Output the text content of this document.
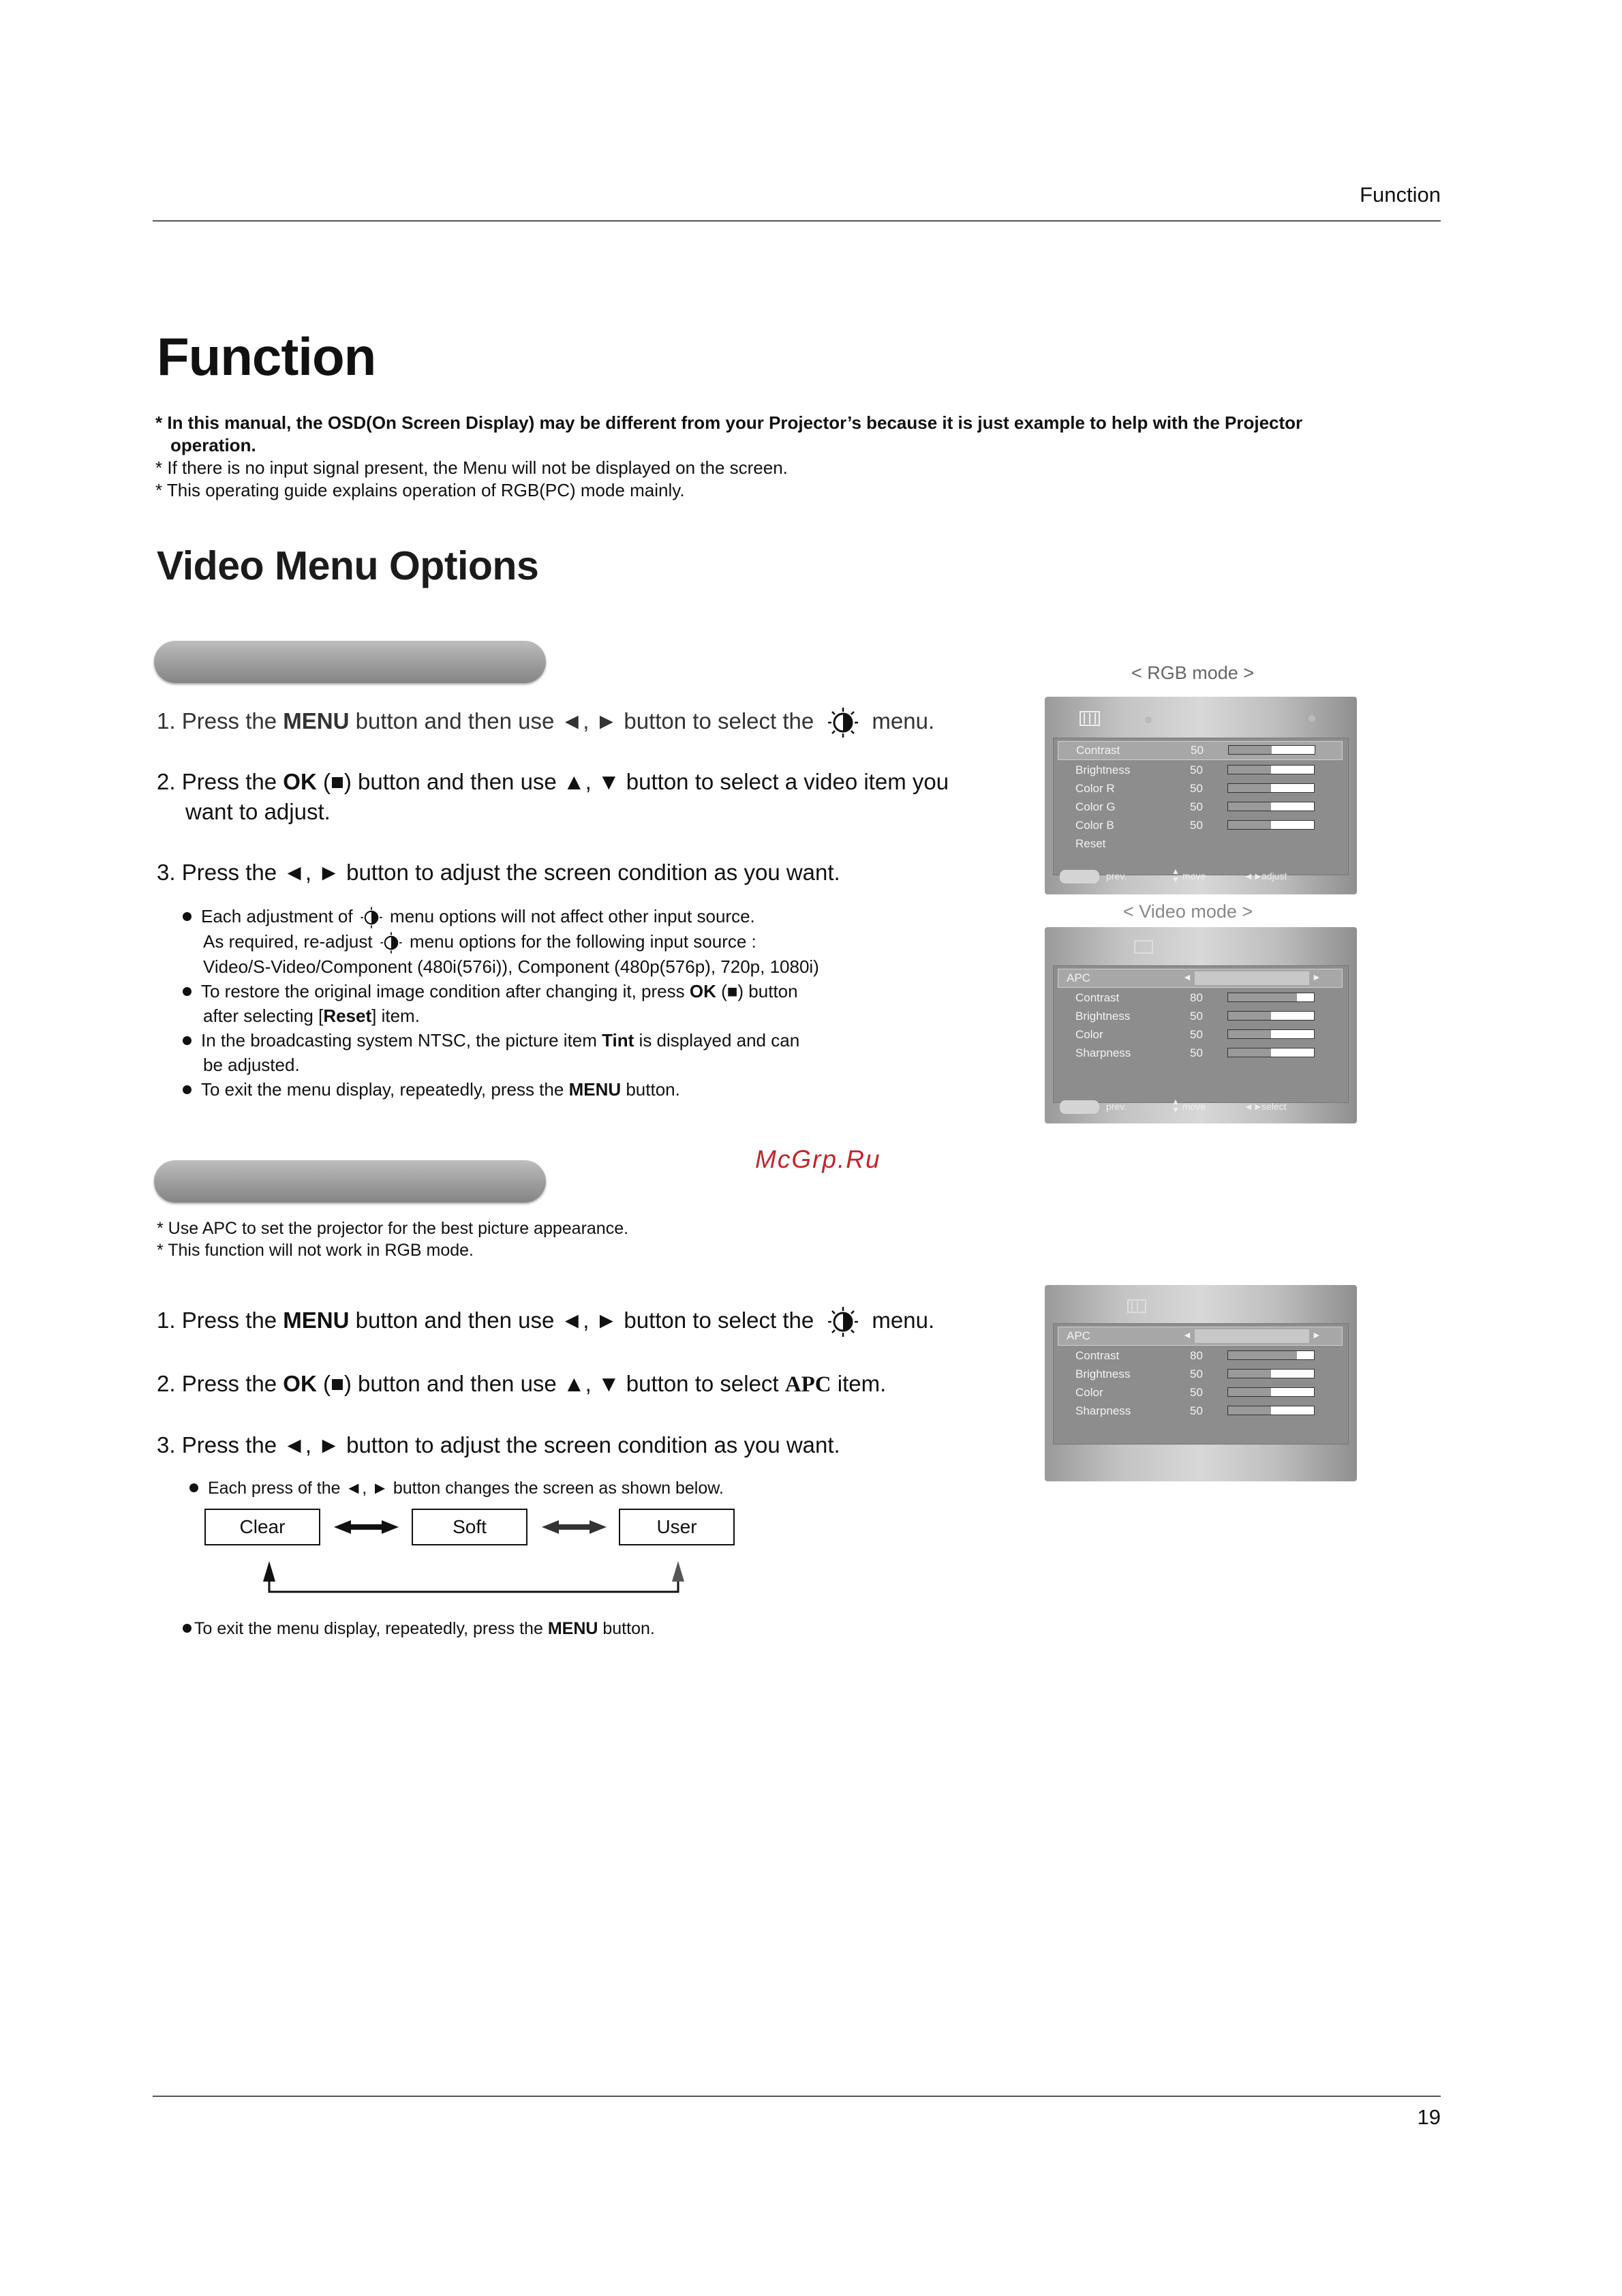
Function
Function

* In this manual, the OSD(On Screen Display) may be different from your Projector’s because it is just example to help with the Projector

operation.

* If there is no input signal present, the Menu will not be displayed on the screen.

* This operating guide explains operation of RGB(PC) mode mainly.

Video Menu Options
1. Press the MENU button and then use ◄, ► button to select the	menu.
2. Press the OK (■) button and then use ▲, ▼ button to select a video item you
want to adjust.
3. Press the ◄, ► button to adjust the screen condition as you want.
Each adjustment of menu options will not affect other input source.
As required, re-adjust menu options for the following input source :
Video/S-Video/Component (480i(576i)), Component (480p(576p), 720p, 1080i)
To restore the original image condition after changing it, press OK (■) button
after selecting [Reset] item.
In the broadcasting system NTSC, the picture item Tint is displayed and can
be adjusted.
To exit the menu display, repeatedly, press the MENU button.
< RGB mode >
Contrast	50
Brightness	50
Color R	50
Color G	50
Color B	50
Reset
prev.	▲
▼ move	◄►
adjust
< Video mode >
APC	◄	►
Contrast	80
Brightness	50
Color	50
Sharpness	50
prev.	▲
▼ move	◄►
select
McGrp.Ru

* Use APC to set the projector for the best picture appearance.

* This function will not work in RGB mode.

1. Press the MENU button and then use ◄, ► button to select the	menu.
2. Press the OK (■) button and then use ▲, ▼ button to select APC item.
3. Press the ◄, ► button to adjust the screen condition as you want.
Each press of the ◄, ► button changes the screen as shown below.
Clear	Soft	User
To exit the menu display, repeatedly, press the MENU button.
APC	◄	►
Contrast	80
Brightness	50
Color	50
Sharpness	50
19
